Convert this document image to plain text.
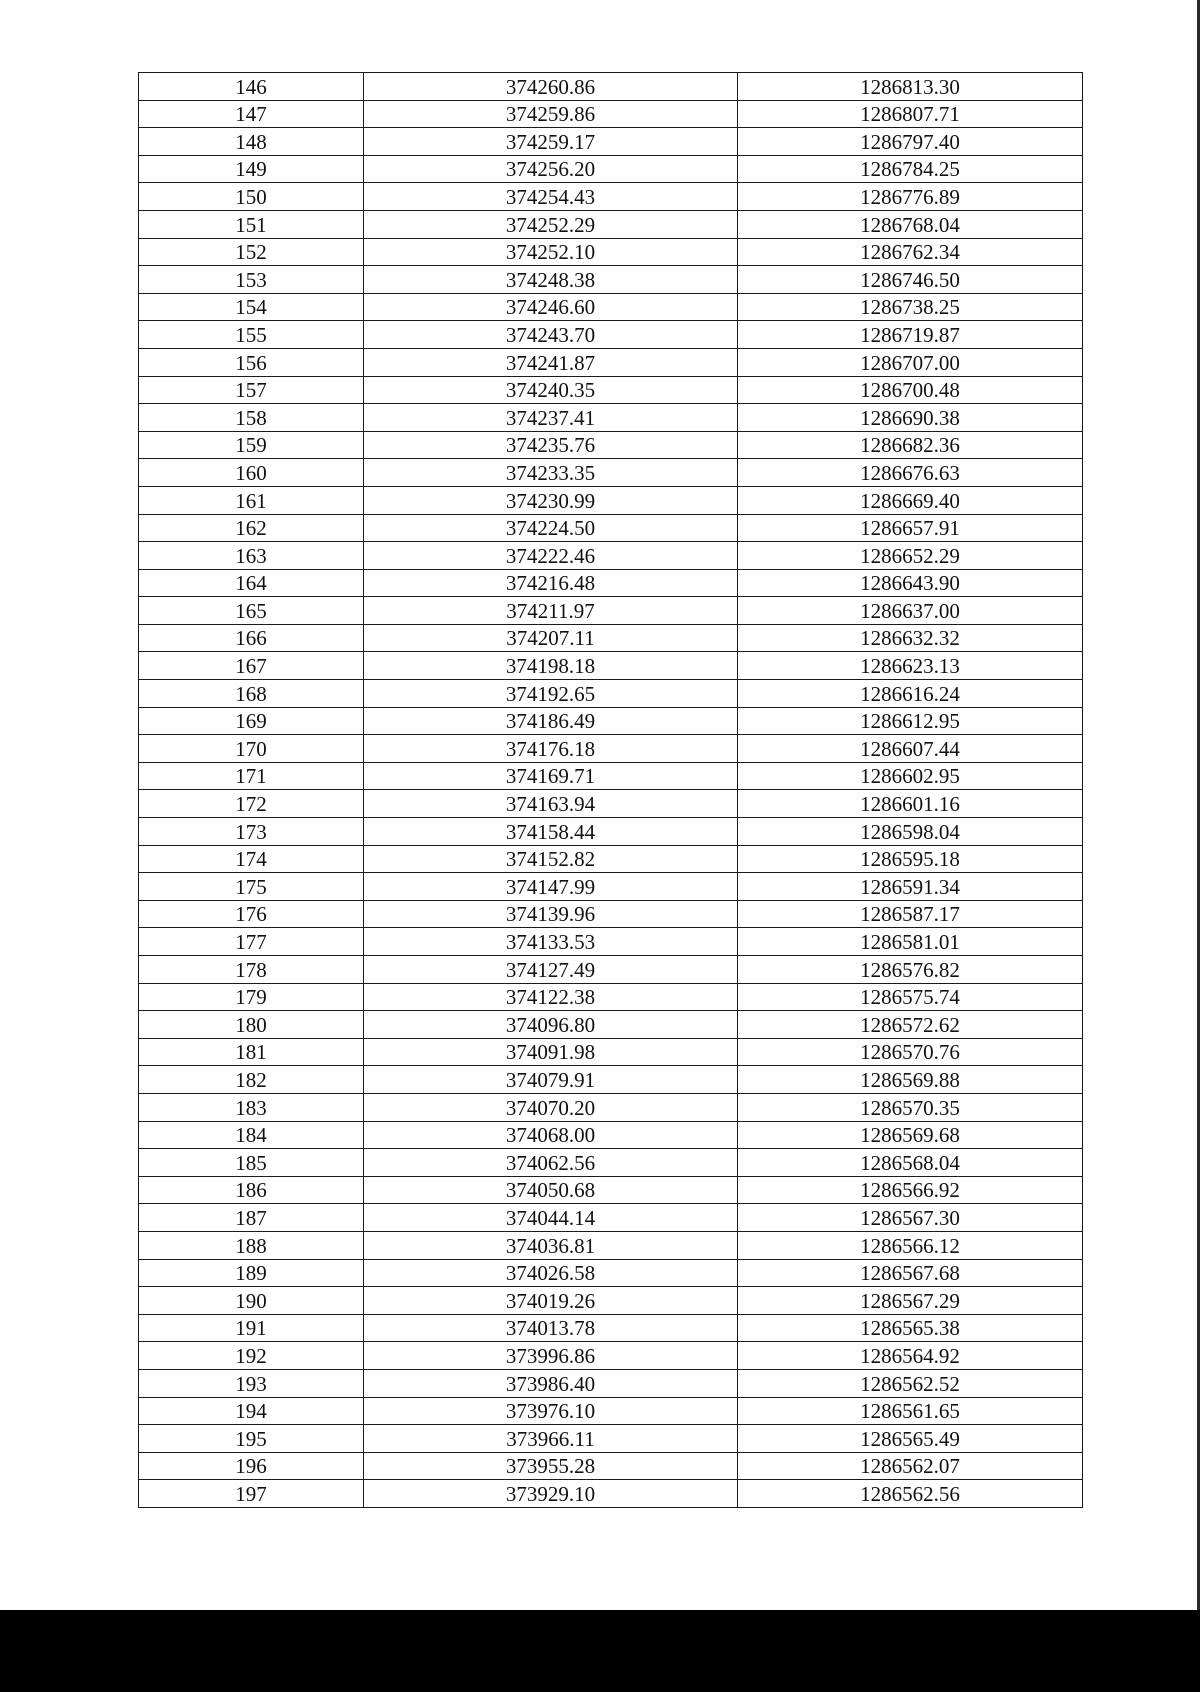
146	374260.86	1286813.30
147	374259.86	1286807.71
148	374259.17	1286797.40
149	374256.20	1286784.25
150	374254.43	1286776.89
151	374252.29	1286768.04
152	374252.10	1286762.34
153	374248.38	1286746.50
154	374246.60	1286738.25
155	374243.70	1286719.87
156	374241.87	1286707.00
157	374240.35	1286700.48
158	374237.41	1286690.38
159	374235.76	1286682.36
160	374233.35	1286676.63
161	374230.99	1286669.40
162	374224.50	1286657.91
163	374222.46	1286652.29
164	374216.48	1286643.90
165	374211.97	1286637.00
166	374207.11	1286632.32
167	374198.18	1286623.13
168	374192.65	1286616.24
169	374186.49	1286612.95
170	374176.18	1286607.44
171	374169.71	1286602.95
172	374163.94	1286601.16
173	374158.44	1286598.04
174	374152.82	1286595.18
175	374147.99	1286591.34
176	374139.96	1286587.17
177	374133.53	1286581.01
178	374127.49	1286576.82
179	374122.38	1286575.74
180	374096.80	1286572.62
181	374091.98	1286570.76
182	374079.91	1286569.88
183	374070.20	1286570.35
184	374068.00	1286569.68
185	374062.56	1286568.04
186	374050.68	1286566.92
187	374044.14	1286567.30
188	374036.81	1286566.12
189	374026.58	1286567.68
190	374019.26	1286567.29
191	374013.78	1286565.38
192	373996.86	1286564.92
193	373986.40	1286562.52
194	373976.10	1286561.65
195	373966.11	1286565.49
196	373955.28	1286562.07
197	373929.10	1286562.56
